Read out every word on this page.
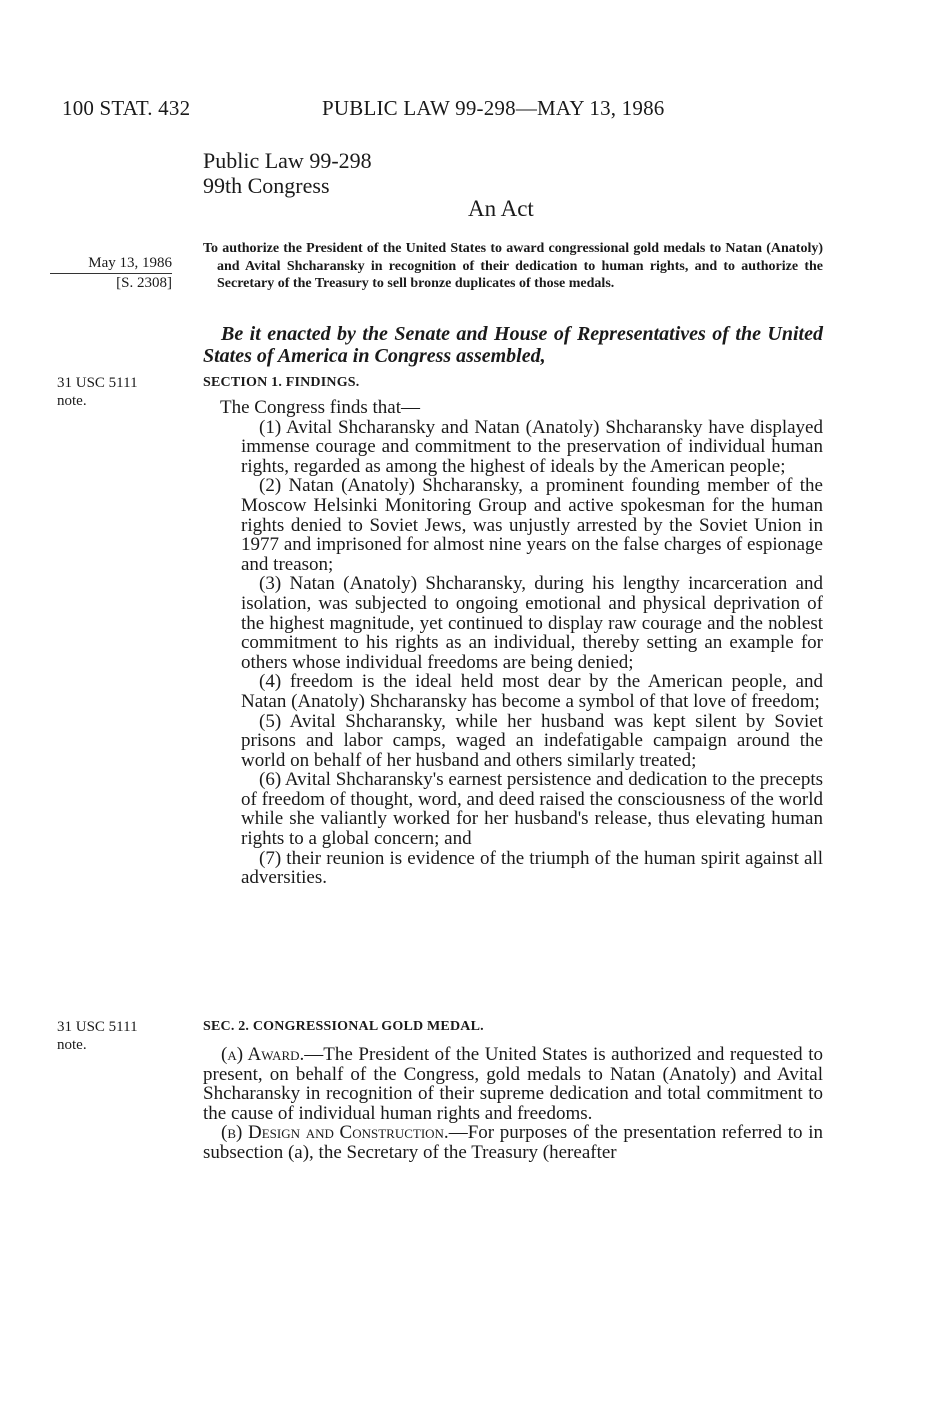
100 STAT. 432	PUBLIC LAW 99-298—MAY 13, 1986
Public Law 99-298
99th Congress
An Act
May 13, 1986
[S. 2308]
To authorize the President of the United States to award congressional gold medals to Natan (Anatoly) and Avital Shcharansky in recognition of their dedication to human rights, and to authorize the Secretary of the Treasury to sell bronze duplicates of those medals.
Be it enacted by the Senate and House of Representatives of the United States of America in Congress assembled,
31 USC 5111
note.
SECTION 1. FINDINGS.

The Congress finds that—

(1) Avital Shcharansky and Natan (Anatoly) Shcharansky have displayed immense courage and commitment to the preservation of individual human rights, regarded as among the highest of ideals by the American people;

(2) Natan (Anatoly) Shcharansky, a prominent founding member of the Moscow Helsinki Monitoring Group and active spokesman for the human rights denied to Soviet Jews, was unjustly arrested by the Soviet Union in 1977 and imprisoned for almost nine years on the false charges of espionage and treason;

(3) Natan (Anatoly) Shcharansky, during his lengthy incarceration and isolation, was subjected to ongoing emotional and physical deprivation of the highest magnitude, yet continued to display raw courage and the noblest commitment to his rights as an individual, thereby setting an example for others whose individual freedoms are being denied;

(4) freedom is the ideal held most dear by the American people, and Natan (Anatoly) Shcharansky has become a symbol of that love of freedom;

(5) Avital Shcharansky, while her husband was kept silent by Soviet prisons and labor camps, waged an indefatigable campaign around the world on behalf of her husband and others similarly treated;

(6) Avital Shcharansky's earnest persistence and dedication to the precepts of freedom of thought, word, and deed raised the consciousness of the world while she valiantly worked for her husband's release, thus elevating human rights to a global concern; and

(7) their reunion is evidence of the triumph of the human spirit against all adversities.

31 USC 5111
note.
SEC. 2. CONGRESSIONAL GOLD MEDAL.

(a) Award.—The President of the United States is authorized and requested to present, on behalf of the Congress, gold medals to Natan (Anatoly) and Avital Shcharansky in recognition of their supreme dedication and total commitment to the cause of individual human rights and freedoms.

(b) Design and Construction.—For purposes of the presentation referred to in subsection (a), the Secretary of the Treasury (hereafter
